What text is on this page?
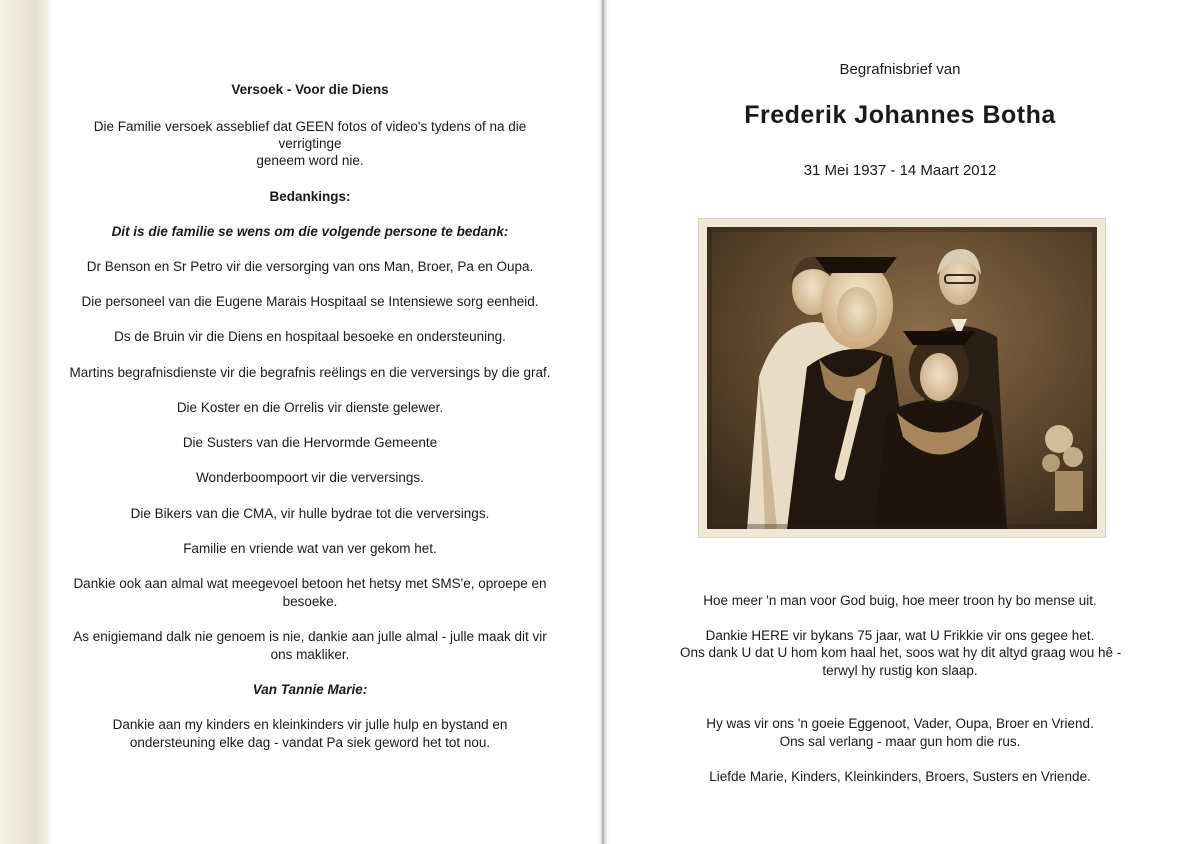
Versoek - Voor die Diens
Die Familie versoek asseblief dat GEEN fotos of video's tydens of na die
verrigtinge
geneem word nie.
Bedankings:
Dit is die familie se wens om die volgende persone te bedank:
Dr Benson en Sr Petro vir die versorging van ons Man, Broer, Pa en Oupa.
Die personeel van die Eugene Marais Hospitaal se Intensiewe sorg eenheid.
Ds de Bruin vir die Diens en hospitaal besoeke en ondersteuning.
Martins begrafnisdienste vir die begrafnis reëlings en die verversings by die graf.
Die Koster en die Orrelis vir dienste gelewer.
Die Susters van die Hervormde Gemeente
Wonderboompoort vir die verversings.
Die Bikers van die CMA, vir hulle bydrae tot die verversings.
Familie en vriende wat van ver gekom het.
Dankie ook aan almal wat meegevoel betoon het hetsy met SMS'e, oproepe en
besoeke.
As enigiemand dalk nie genoem is nie, dankie aan julle almal - julle maak dit vir
ons makliker.
Van Tannie Marie:
Dankie aan my kinders en kleinkinders vir julle hulp en bystand en
ondersteuning elke dag - vandat Pa siek geword het tot nou.
Begrafnisbrief van
Frederik Johannes Botha
31 Mei 1937 - 14 Maart 2012
Hoe meer 'n man voor God buig, hoe meer troon hy bo mense uit.
Dankie HERE vir bykans 75 jaar, wat U Frikkie vir ons gegee het.
Ons dank U dat U hom kom haal het, soos wat hy dit altyd graag wou hê -
terwyl hy rustig kon slaap.
Hy was vir ons 'n goeie Eggenoot, Vader, Oupa, Broer en Vriend.
Ons sal verlang - maar gun hom die rus.
Liefde Marie, Kinders, Kleinkinders, Broers, Susters en Vriende.
